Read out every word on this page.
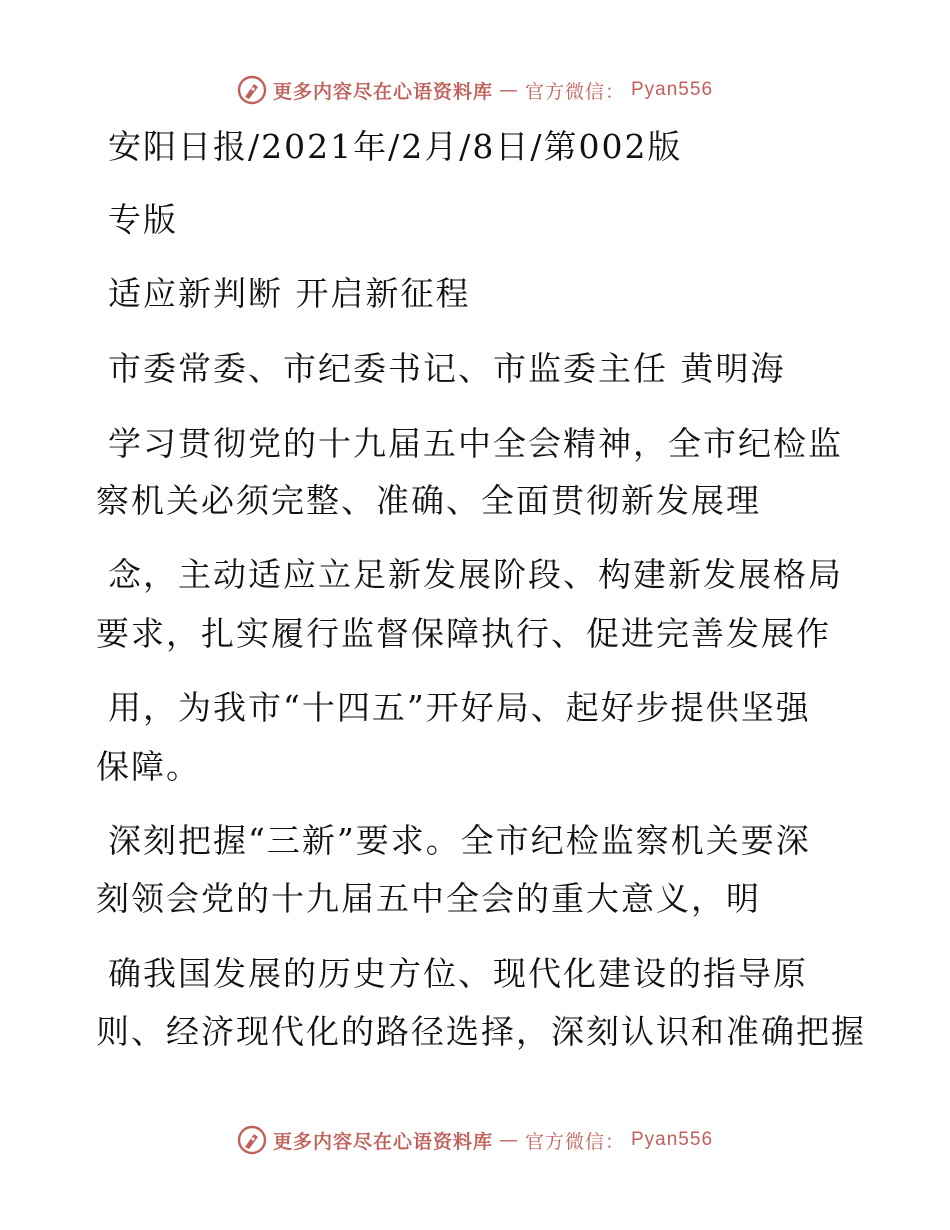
更多内容尽在心语资料库 — 官方微信： Pyan556
安阳日报/2021年/2月/8日/第002版
专版
适应新判断 开启新征程
市委常委、市纪委书记、市监委主任 黄明海
学习贯彻党的十九届五中全会精神，全市纪检监
察机关必须完整、准确、全面贯彻新发展理
念，主动适应立足新发展阶段、构建新发展格局
要求，扎实履行监督保障执行、促进完善发展作
用，为我市“十四五”开好局、起好步提供坚强
保障。
深刻把握“三新”要求。全市纪检监察机关要深
刻领会党的十九届五中全会的重大意义，明
确我国发展的历史方位、现代化建设的指导原
则、经济现代化的路径选择，深刻认识和准确把握
更多内容尽在心语资料库 — 官方微信： Pyan556
